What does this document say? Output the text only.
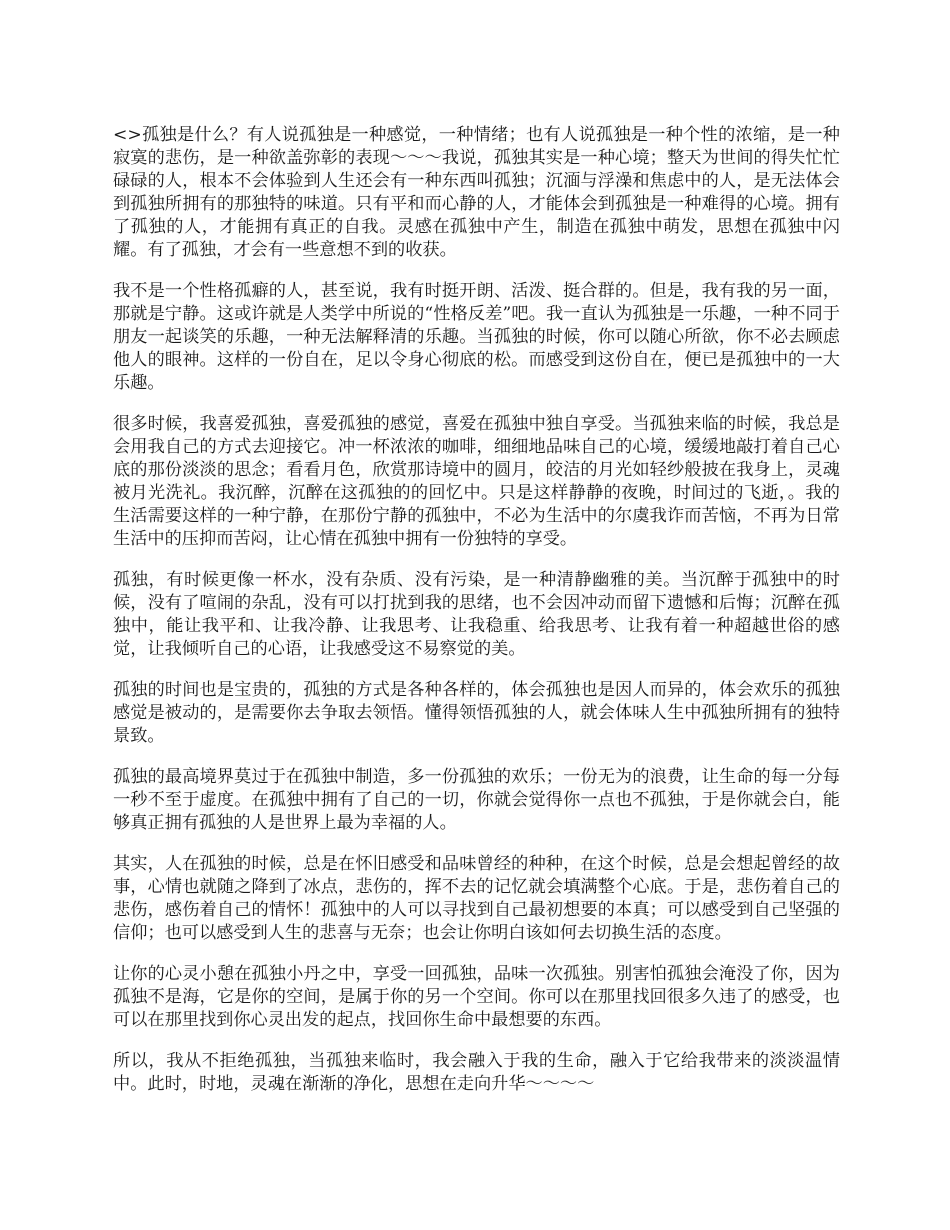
<>孤独是什么？有人说孤独是一种感觉，一种情绪；也有人说孤独是一种个性的浓缩，是一种寂寞的悲伤，是一种欲盖弥彰的表现～～～我说，孤独其实是一种心境；整天为世间的得失忙忙碌碌的人，根本不会体验到人生还会有一种东西叫孤独；沉湎与浮澡和焦虑中的人，是无法体会到孤独所拥有的那独特的味道。只有平和而心静的人，才能体会到孤独是一种难得的心境。拥有了孤独的人，才能拥有真正的自我。灵感在孤独中产生，制造在孤独中萌发，思想在孤独中闪耀。有了孤独，才会有一些意想不到的收获。

我不是一个性格孤癖的人，甚至说，我有时挺开朗、活泼、挺合群的。但是，我有我的另一面，那就是宁静。这或许就是人类学中所说的“性格反差”吧。我一直认为孤独是一乐趣，一种不同于朋友一起谈笑的乐趣，一种无法解释清的乐趣。当孤独的时候，你可以随心所欲，你不必去顾虑他人的眼神。这样的一份自在，足以令身心彻底的松。而感受到这份自在，便已是孤独中的一大乐趣。

很多时候，我喜爱孤独，喜爱孤独的感觉，喜爱在孤独中独自享受。当孤独来临的时候，我总是会用我自己的方式去迎接它。冲一杯浓浓的咖啡，细细地品味自己的心境，缓缓地敲打着自己心底的那份淡淡的思念；看看月色，欣赏那诗境中的圆月，皎洁的月光如轻纱般披在我身上，灵魂被月光洗礼。我沉醉，沉醉在这孤独的的回忆中。只是这样静静的夜晚，时间过的飞逝，。我的生活需要这样的一种宁静，在那份宁静的孤独中，不必为生活中的尔虞我诈而苦恼，不再为日常生活中的压抑而苦闷，让心情在孤独中拥有一份独特的享受。

孤独，有时候更像一杯水，没有杂质、没有污染，是一种清静幽雅的美。当沉醉于孤独中的时候，没有了喧闹的杂乱，没有可以打扰到我的思绪，也不会因冲动而留下遗憾和后悔；沉醉在孤独中，能让我平和、让我冷静、让我思考、让我稳重、给我思考、让我有着一种超越世俗的感觉，让我倾听自己的心语，让我感受这不易察觉的美。

孤独的时间也是宝贵的，孤独的方式是各种各样的，体会孤独也是因人而异的，体会欢乐的孤独感觉是被动的，是需要你去争取去领悟。懂得领悟孤独的人，就会体味人生中孤独所拥有的独特景致。

孤独的最高境界莫过于在孤独中制造，多一份孤独的欢乐；一份无为的浪费，让生命的每一分每一秒不至于虚度。在孤独中拥有了自己的一切，你就会觉得你一点也不孤独，于是你就会白，能够真正拥有孤独的人是世界上最为幸福的人。

其实，人在孤独的时候，总是在怀旧感受和品味曾经的种种，在这个时候，总是会想起曾经的故事，心情也就随之降到了冰点，悲伤的，挥不去的记忆就会填满整个心底。于是，悲伤着自己的悲伤，感伤着自己的情怀！孤独中的人可以寻找到自己最初想要的本真；可以感受到自己坚强的信仰；也可以感受到人生的悲喜与无奈；也会让你明白该如何去切换生活的态度。

让你的心灵小憩在孤独小丹之中，享受一回孤独，品味一次孤独。别害怕孤独会淹没了你，因为孤独不是海，它是你的空间，是属于你的另一个空间。你可以在那里找回很多久违了的感受，也可以在那里找到你心灵出发的起点，找回你生命中最想要的东西。

所以，我从不拒绝孤独，当孤独来临时，我会融入于我的生命，融入于它给我带来的淡淡温情中。此时，时地，灵魂在渐渐的净化，思想在走向升华～～～～
